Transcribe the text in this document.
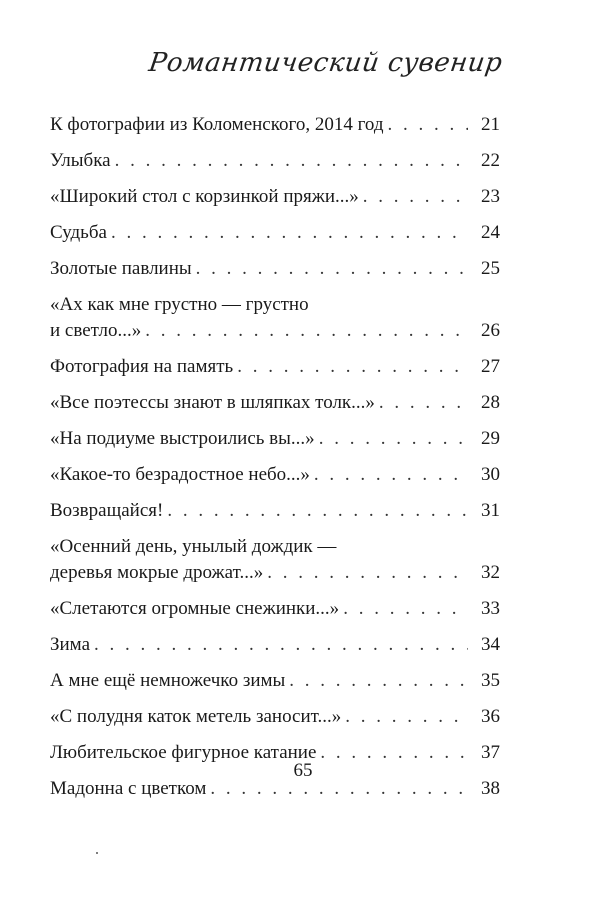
Романтический сувенир
К фотографии из Коломенского, 2014 год . . .	21
Улыбка . . .	22
«Широкий стол с корзинкой пряжи...» . . .	23
Судьба . . .	24
Золотые павлины . . .	25
«Ах как мне грустно — грустно
и светло...» . . .	26
Фотография на память . . .	27
«Все поэтессы знают в шляпках толк...» . . .	28
«На подиуме выстроились вы...» . . .	29
«Какое-то безрадостное небо...» . . .	30
Возвращайся! . . .	31
«Осенний день, унылый дождик —
деревья мокрые дрожат...» . . .	32
«Слетаются огромные снежинки...» . . .	33
Зима . . .	34
А мне ещё немножечко зимы . . .	35
«С полудня каток метель заносит...» . . .	36
Любительское фигурное катание . . .	37
Мадонна с цветком . . .	38
65
